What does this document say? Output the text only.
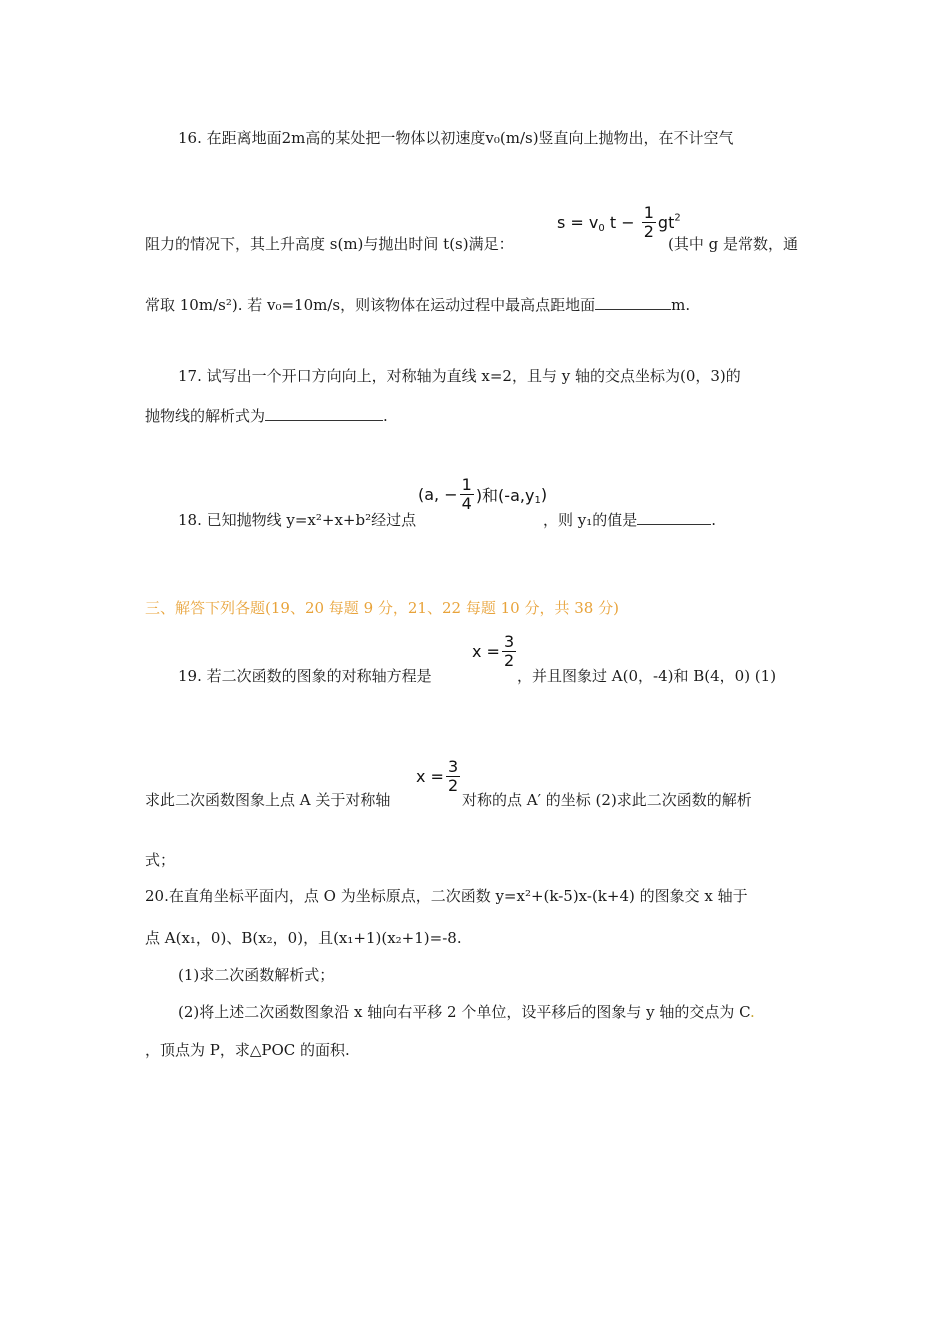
16. 在距离地面2m高的某处把一物体以初速度v₀(m/s)竖直向上抛物出，在不计空气
$s = v_0$ $t - \frac{1}{2} gt^2$
阻力的情况下，其上升高度 s(m)与抛出时间 t(s)满足：	(其中 g 是常数，通
常取 10m/s²). 若 v₀=10m/s，则该物体在运动过程中最高点距地面	m.
17. 试写出一个开口方向向上，对称轴为直线 x=2，且与 y 轴的交点坐标为(0，3)的
抛物线的解析式为	.
(a, − $\frac{1}{4}$ )和$(-a,y_1)$
18. 已知抛物线 y=x²+x+b²经过点	，则 y₁的值是	.
三、解答下列各题(19、20 每题 9 分，21、22 每题 10 分，共 38 分)
$x = \frac{3}{2}$
19. 若二次函数的图象的对称轴方程是	，并且图象过 A(0，-4)和 B(4，0) (1)
$x = \frac{3}{2}$
求此二次函数图象上点 A 关于对称轴	对称的点 A′ 的坐标 (2)求此二次函数的解析
式；
20.在直角坐标平面内，点 O 为坐标原点，二次函数 y=x²+(k-5)x-(k+4) 的图象交 x 轴于
点 A(x₁，0)、B(x₂，0)，且(x₁+1)(x₂+1)=-8.
(1)求二次函数解析式；
(2)将上述二次函数图象沿 x 轴向右平移 2 个单位，设平移后的图象与 y 轴的交点为 C.
，顶点为 P，求△POC 的面积.
